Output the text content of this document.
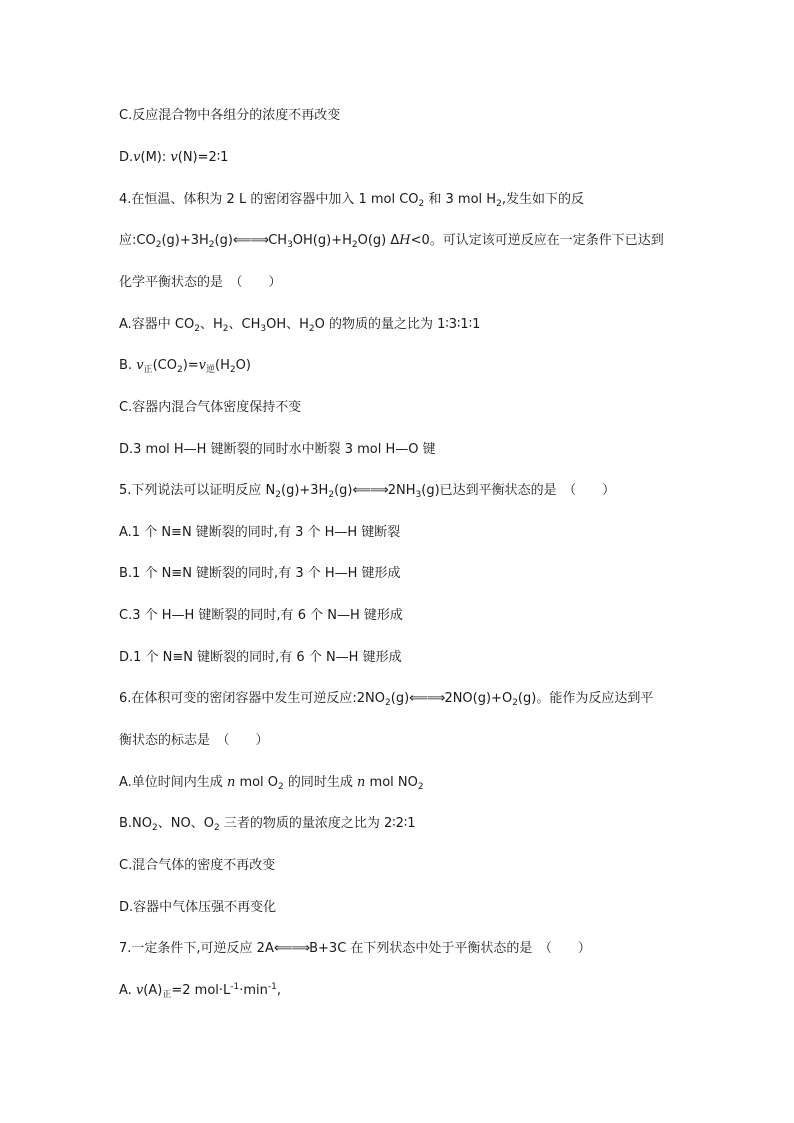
C.反应混合物中各组分的浓度不再改变
D.v(M): v(N)=2∶1
4.在恒温、体积为 2 L 的密闭容器中加入 1 mol $CO_2$ 和 3 mol $H_2$,发生如下的反
应$:CO_2(g)+3H_2(g)⟸⟹CH_3OH(g)+H_2O(g)$ ΔH<0。可认定该可逆反应在一定条件下已达到
化学平衡状态的是　（　　）
A.容器中 $CO_2$、$H_2$、$CH_3OH$、$H_2O$ 的物质的量之比为 1∶3∶1∶1
B. $v_正(CO_2)=v_逆(H_2O)$
C.容器内混合气体密度保持不变
D.3 mol H—H 键断裂的同时水中断裂 3 mol H—O 键
5.下列说法可以证明反应 $N_2(g)+3H_2(g)⟸⟹2NH_3(g)$已达到平衡状态的是　（　　）
A.1 个 N≡N 键断裂的同时,有 3 个 H—H 键断裂
B.1 个 N≡N 键断裂的同时,有 3 个 H—H 键形成
C.3 个 H—H 键断裂的同时,有 6 个 N—H 键形成
D.1 个 N≡N 键断裂的同时,有 6 个 N—H 键形成
6.在体积可变的密闭容器中发生可逆反应$:2NO_2(g)⟸⟹2NO(g)+O_2(g)$。能作为反应达到平
衡状态的标志是　（　　）
A.单位时间内生成 n mol $O_2$ 的同时生成 n mol $NO_2$
$B.NO_2$、NO、$O_2$ 三者的物质的量浓度之比为 2∶2∶1
C.混合气体的密度不再改变
D.容器中气体压强不再变化
7.一定条件下,可逆反应 2A⟸⟹B+3C 在下列状态中处于平衡状态的是　（　　）
A. $v(A)_正=2$ $mol\cdot L^{-1}\cdot\min^{-1}$,
